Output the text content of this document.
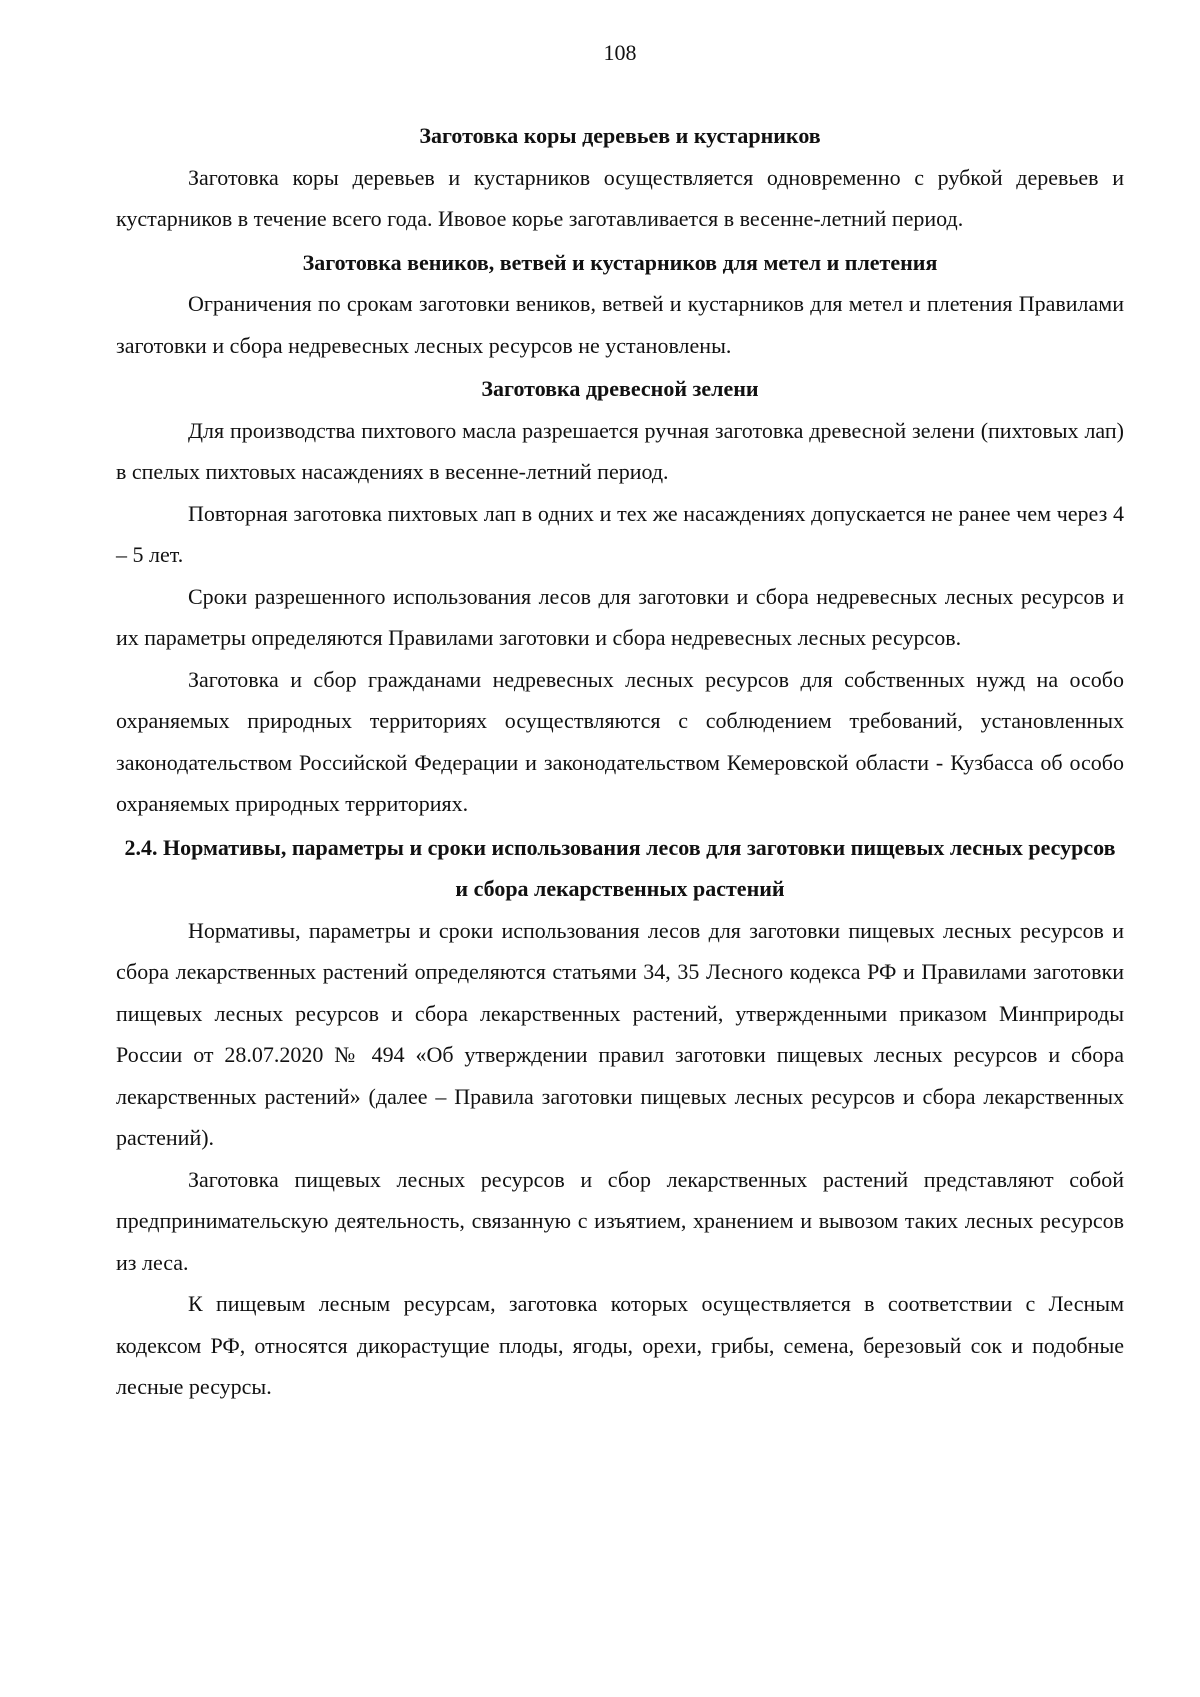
108
Заготовка коры деревьев и кустарников

Заготовка коры деревьев и кустарников осуществляется одновременно с рубкой деревьев и кустарников в течение всего года. Ивовое корье заготавливается в весенне-летний период.

Заготовка веников, ветвей и кустарников для метел и плетения

Ограничения по срокам заготовки веников, ветвей и кустарников для метел и плетения Правилами заготовки и сбора недревесных лесных ресурсов не установлены.

Заготовка древесной зелени

Для производства пихтового масла разрешается ручная заготовка древесной зелени (пихтовых лап) в спелых пихтовых насаждениях в весенне-летний период.

Повторная заготовка пихтовых лап в одних и тех же насаждениях допускается не ранее чем через 4 – 5 лет.

Сроки разрешенного использования лесов для заготовки и сбора недревесных лесных ресурсов и их параметры определяются Правилами заготовки и сбора недревесных лесных ресурсов.

Заготовка и сбор гражданами недревесных лесных ресурсов для собственных нужд на особо охраняемых природных территориях осуществляются с соблюдением требований, установленных законодательством Российской Федерации и законодательством Кемеровской области - Кузбасса об особо охраняемых природных территориях.

2.4. Нормативы, параметры и сроки использования лесов для заготовки пищевых лесных ресурсов и сбора лекарственных растений

Нормативы, параметры и сроки использования лесов для заготовки пищевых лесных ресурсов и сбора лекарственных растений определяются статьями 34, 35 Лесного кодекса РФ и Правилами заготовки пищевых лесных ресурсов и сбора лекарственных растений, утвержденными приказом Минприроды России от 28.07.2020 № 494 «Об утверждении правил заготовки пищевых лесных ресурсов и сбора лекарственных растений» (далее – Правила заготовки пищевых лесных ресурсов и сбора лекарственных растений).

Заготовка пищевых лесных ресурсов и сбор лекарственных растений представляют собой предпринимательскую деятельность, связанную с изъятием, хранением и вывозом таких лесных ресурсов из леса.

К пищевым лесным ресурсам, заготовка которых осуществляется в соответствии с Лесным кодексом РФ, относятся дикорастущие плоды, ягоды, орехи, грибы, семена, березовый сок и подобные лесные ресурсы.
